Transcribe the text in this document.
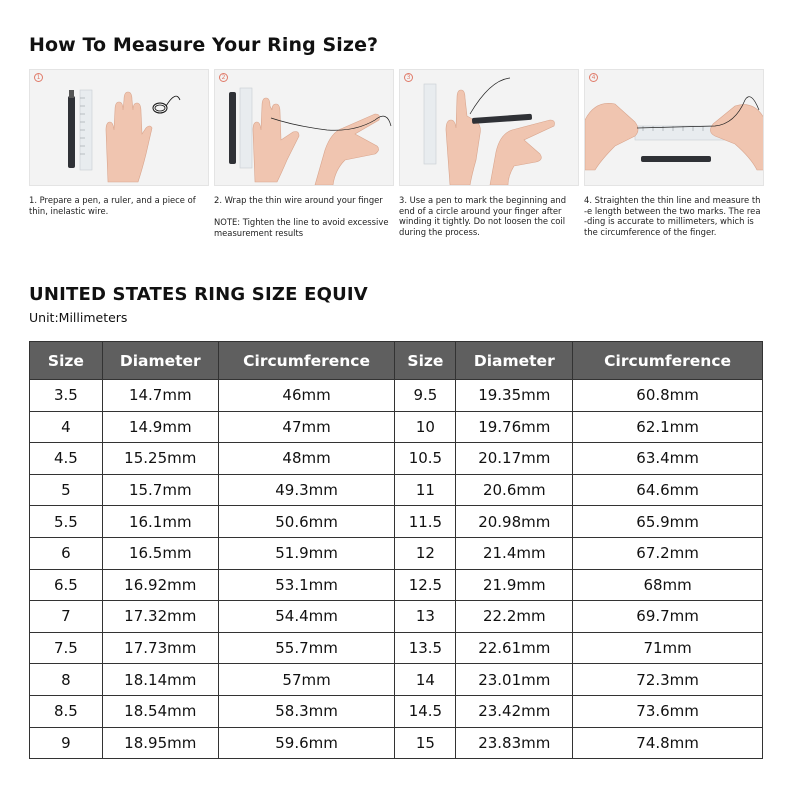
How To Measure Your Ring Size?
1
1. Prepare a pen, a ruler, and a piece of thin, inelastic wire.
2
2. Wrap the thin wire around your finger
NOTE: Tighten the line to avoid excessive measurement results
3
3. Use a pen to mark the beginning and end of a circle around your finger after winding it tightly. Do not loosen the coil during the process.
4
4. Straighten the thin line and measure th -e length between the two marks. The rea -ding is accurate to millimeters, which is the circumference of the finger.
UNITED STATES RING SIZE EQUIV
Unit:Millimeters
Size	Diameter	Circumference	Size	Diameter	Circumference
3.5	14.7mm	46mm	9.5	19.35mm	60.8mm
4	14.9mm	47mm	10	19.76mm	62.1mm
4.5	15.25mm	48mm	10.5	20.17mm	63.4mm
5	15.7mm	49.3mm	11	20.6mm	64.6mm
5.5	16.1mm	50.6mm	11.5	20.98mm	65.9mm
6	16.5mm	51.9mm	12	21.4mm	67.2mm
6.5	16.92mm	53.1mm	12.5	21.9mm	68mm
7	17.32mm	54.4mm	13	22.2mm	69.7mm
7.5	17.73mm	55.7mm	13.5	22.61mm	71mm
8	18.14mm	57mm	14	23.01mm	72.3mm
8.5	18.54mm	58.3mm	14.5	23.42mm	73.6mm
9	18.95mm	59.6mm	15	23.83mm	74.8mm
